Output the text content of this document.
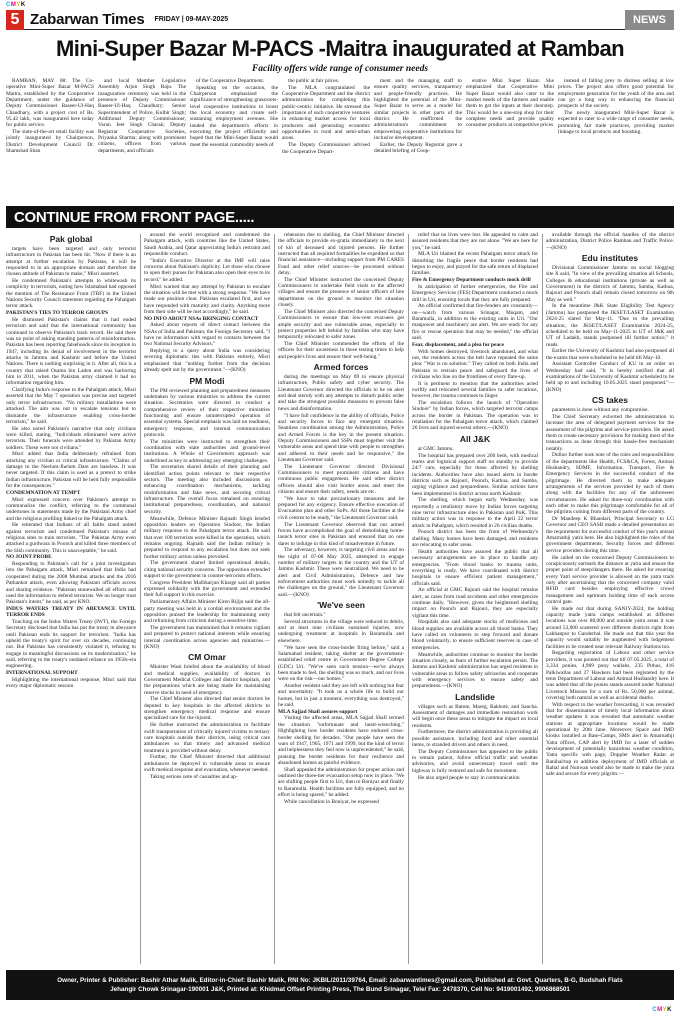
CMYK
5 Zabarwan Times FRIDAY | 09-MAY-2025	NEWS
Mini-Super Bazar M-PACS -Maitra inaugurated at Ramban
Facility offers wide range of consumer needs

RAMBAN, MAY 08: The Co-operative Mini-Super Bazar M-PACS Maitra, established by the Cooperative Department, under the guidance of Deputy Commissioner Baseer-Ul-Haq Chaudhary, with a project cost of Rs. 95.42 lakh, was inaugurated here today for public service.

The state-of-the-art retail facility was jointly inaugurated by Chairperson, District Development Council Dr. Shamshad Shan

and local Member Legislative Assembly Arjun Singh Raju. The inauguration ceremony was held in the presence of Deputy Commissioner Baseer-Ul-Haq Chaudhary; Senior Superintendent of Police, Kulbir Singh; Additional Deputy Commissioner, Varun Jeet Singh Charak; Deputy Registrar Cooperative Societies, Priyanka Sharma; along with prominent citizens, officers from various departments, and officials

of the Cooperative Department.

Speaking on the occasion, the Chairperson emphasized the significance of strengthening grassroots-level cooperative institutions to boost the local economy and create self-sustaining employment avenues. She lauded the department's efforts in executing the project efficiently and hoped that the Mini-Super Bazar would meet the essential commodity needs of

the public at fair prices.

The MLA congratulated the Cooperative Department and the district administration for completing this public-centric initiative. He stressed the importance of such cooperative ventures in enhancing market access for local producers and generating economic opportunities in rural and semi-urban areas.

The Deputy Commissioner advised the Cooperative Depart-

ment and the managing staff to ensure quality services, transparency and people-friendly practices. He highlighted the potential of the Mini-Super Bazar to serve as a model for similar projects in other parts of the district. He reaffirmed the administration's commitment to empowering cooperative institutions for inclusive development.

Earlier, the Deputy Registrar gave a detailed briefing of Coop-

erative Mini Super Bazar. She emphasized that Cooperative Mini Super Bazar would also cater to the market needs of the farmers and enable them to get the inputs at their doorstep. This would be a one-stop shop for their complete needs and provide quality consumer products at competitive prices

instead of falling prey to distress selling at low prices. The project also offers good potential for employment generation for the youth of the area and can go a long way in enhancing the financial prospects of the society.

The newly inaugurated Mini-Super Bazar is expected to cater to a wide range of consumer needs, promoting fair trade practices, providing market linkage to local products and boosting.

CONTINUE FROM FRONT PAGE.....
Pak global

targets have been targeted and only terrorist infrastructure in Pakistan has been hit. "Now if there is an attempt at further escalation by Pakistan, it will be responded to in an appropriate domain and therefore the chosen attitude of Pakistan to make," Misri asserted.

He condemned Pakistan's attempts to whitewash its complicity in terrorism, noting how Islamabad had opposed the mention of The Resistance Front (TRF) in the United Nations Security Council statement regarding the Pahalgam terror attack.

PAKISTAN'S TIES TO TERROR GROUPS

He dismissed Pakistan's claims that it had ended terrorism and said that the international community has continued to observe Pakistan's track record. He said there was no point of asking standing patterns of misinformation. Pakistan has been reporting falsehoods since its inception in 1947, including its denial of involvement in the terrorist attacks in Jammu and Kashmir and before the United Nations. There is nothing surprising in it. After all, this is a country that raised Osama bin Laden and was harboring him in 2011, when the Pakistan army claimed it had no information regarding him.

Clarifying India's response to the Pahalgam attack, Misri asserted that the May 7 operation was precise and targeted only terror infrastructure. "No military installations were attacked. The aim was not to escalate tensions but to dismantle the infrastructure enabling cross-border terrorism," he said.

He also noted Pakistan's narrative that only civilians were killed, stating, "Individuals eliminated were active terrorists. Their funerals were attended by Pakistan Army soldiers. These were not civilians."

Misri added that India deliberately refrained from attacking any civilian or critical infrastructure. "Claims of damage to the Neelum-Jhelum Dam are baseless. It was never targeted. If this claim is used as a pretext to strike Indian infrastructure, Pakistan will be held fully responsible for the consequences."

CONDEMNATION AT TEMPT

Misri expressed concern over Pakistan's attempt to communalize the conflict, referring to the communal undertones in statements made by the Pakistani Army chief and the religious profiling linked to the Pahalgam attack.

He reiterated that Indians of all faiths stand united against terrorism and condemned Pakistan's misuse of religious sites to train terrorists. "The Pakistan Army even attacked a gurdwara in Poonch and killed three members of the Sikh community. This is unacceptable," he said.

NO JOINT PROBE

Responding to Pakistan's call for a joint investigation into the Pahalgam attack, Misri remarked that India had cooperated during the 2008 Mumbai attacks and the 2016 Pathankot attack, even allowing Pakistani officials access and sharing evidence. "Pakistan stonewalled all efforts and used the information to defend terrorists. We no longer trust Pakistan's intent," he said, as per KNO.

INDUS WATERS TREATY IN ABEYANCE UNTIL TERROR ENDS

Touching on the Indus Waters Treaty (IWT), the Foreign Secretary disclosed that India has put the treaty in abeyance until Pakistan ends its support for terrorism. "India has upheld the treaty's spirit for over six decades, continuing not. But Pakistan has consistently violated it, refusing to engage in meaningful discussions on its modernization," he said, referring to the treaty's outdated reliance on 1950s-era engineering.

INTERNATIONAL SUPPORT

Highlighting the international response, Misri said that every major diplomatic session

around the world recognized and condemned the Pahalgam attack, with countries like the United States, Saudi Arabia, and Qatar appreciating India's restraint and responsible conduct.

"India's Executive Director at the IMF will raise concerns about Pakistan's duplicity. Let those who choose to open their purses for Pakistan also open their eyes to its record," he added.

Misri warned that any attempt by Pakistan to escalate the situation will be met with a strong response. "We have made our position clear. Pakistan escalated first, and we have responded with maturity and clarity. Anything more from their side will be met accordingly," he said.

NO INFO ABOUT NSAs BRINGING CONTACT

Asked about reports of direct contact between the NSAs of India and Pakistan, the Foreign Secretary said, "I have no information with regard to contacts between the two National Security Advisors."

Replying to a query about India was considering severing diplomatic ties with Pakistan entirely, Misri emphasised that "nothing further from the decision already spelt out by the government."—(KNO)

PM Modi

The PM reviewed planning and preparedness measures undertaken by various ministries to address the current situation. Secretaries were directed to conduct a comprehensive review of their respective ministries functioning and ensure uninterrupted operation of essential systems. Special emphasis was laid on readiness, emergency response, and internal communication protocols.

The ministries were instructed to strengthen their coordination with state authorities and ground-level institutions. A Whole of Government approach was underlined as key to addressing any emerging challenges.

The secretaries shared details of their planning and identified action points relevant to their respective sectors. The meeting also included discussions on enhancing coordination mechanisms, tackling misinformation and fake news, and securing critical infrastructure. The overall focus remained on ensuring institutional preparedness, coordination, and national security.

Meanwhile, Defence Minister Rajnath Singh briefed opposition leaders on Operation Sindoor, the Indian military response to the Pahalgam terror attack. He said that over 100 terrorists were killed in the operation, which remains ongoing. Rajnath said the Indian military is prepared to respond to any escalation but does not seek further military action unless provoked.

The government shared limited operational details, citing national security concerns. The opposition extended support to the government in counter-terrorism efforts.

Congress President Mallikarjun Kharge said all parties expressed solidarity with the government and extended their full support in this exercise.

Parliamentary Affairs Minister Kiren Rijiju said the all-party meeting was held in a cordial environment and the opposition praised the leadership for maintaining unity and refraining from criticism during a sensitive time.

The government has maintained that it remains vigilant and prepared to protect national interests while ensuring internal coordination across agencies and ministries.—(KNO)

CM Omar

Minister Wani briefed about the availability of blood and medical supplies, availability of doctors in Government Medical Colleges and district hospitals, and the preparations which are being made for maintaining reserve stocks in need of emergency.

The Chief Minister also directed that senior doctors be deputed to key hospitals in the affected districts to strengthen emergency medical response and ensure specialized care for the injured.

He further instructed the administration to facilitate swift transportation of critically injured victims to tertiary care hospitals outside their districts, using critical care ambulances so that timely and advanced medical treatment is provided without delay.

Further, the Chief Minister directed that additional ambulances be deployed in vulnerable areas to ensure swift medical response and evacuation, whenever needed.

Taking serious note of casualties and ap-

rehension due to shelling, the Chief Minister directed the officials to provide ex-gratia immediately to the next of kin of deceased and injured persons. He further instructed that all required formalities be expedited so that financial assistance—including support from PM CARES Fund and other relief sources—be processed without delay.

The Chief Minister instructed the concerned Deputy Commissioners to undertake field visits to the affected villages and ensure the presence of senior officers of line departments on the ground to monitor the situation closely.

The Chief Minister also directed the concerned Deputy Commissioners to ensure that low-rent evacuees get ample security and use vulnerable areas, especially to protect properties left behind by families who may have temporarily relocated to safer zones.

The Chief Minister commended the efforts of the officers for their awareness in these testing times to help and people's lives and ensure their well-being."

Armed forces

during the meetings on May 09 to ensure physical infrastructure, Public safety and cyber security. The Lieutenant Governor directed the officials to be on alert and deal sternly with any attempts to disturb public order and take the strongest possible measures to prevent false news and disinformation.

"I have full confidence in the ability of officials, Police and security forces to face any emergent situation. Seamless coordination among the Administration, Police and Armed Forces is the key in the present situation. Deputy Commissioners and SSPs must together visit the vulnerable areas and spend time with people to strengthen and adhered to their needs and be responsive," the Lieutenant Governor said.

The Lieutenant Governor directed Divisional Commissioners to meet prominent citizens and have continuous public engagement. He said other district officers should also visit border areas and meet the citizens and ensure their safety, needs are etc.

"We have to take precautionary measures and be prepared for any exigency. Ensure effective execution of Evacuation plan and other SoPs. All those facilities at the civil centres to be ready," the Lieutenant Governor said.

The Lieutenant Governor observed that our armed forces have accomplished the goal of demolishing home-launch terror sites in Pakistan and ensured that no one dares to indulge in this kind of misadventure in future.

The adversary, however, is targeting civil areas and on the night of 07-08 May 2025, attempted to engage number of military targets in the country and the UT of Jammu Kashmir. These were neutralized. We need to be alert and Civil Administration, Defence and law enforcement authorities must work unitedly to tackle all the challenges on the ground," the Lieutenant Governor said.—(KNO)

'We've seen

that felt uncertain."

Several structures in the village were reduced to debris, and at least nine civilians sustained injuries, now undergoing treatment at hospitals in Baramulla and elsewhere.

"We have seen the cross-border firing before," said a Salamabad resident, taking shelter at the government-established relief centre in Government Degree College (GDC) Uri. "We've seen such tension—we've always been made to feel, the shelling was so much, and our lives were on the risk—our homes."

Another resident said they are left with nothing but fear and uncertainty. "It took us a whole life to build our homes, but in just a moment, everything was destroyed," he said.

MLA Sajjad Shafi assures support

Visiting the affected areas, MLA Sajjad Shafi termed the situation "unfortunate and heart-wrenching." Highlighting how border residents have endured cross-border shelling for decades. "Our people have seen the wars of 1947, 1965, 1971 and 1999, but the kind of terror and helplessness they feel now is unprecedented," he said, praising the border residents for their resilience and abandoned homes as painful evidence.

Shafi appealed the administration for proper action and outlined the three-tier evacuation setup now in place. "We are shifting people first to Uri, then to Boniyar and finally to Baramulla. Health facilities are fully equipped, and no effort is being spared," he added.

While cancellation in Boniyar, he expressed

relief that no lives were lost. He appealed to calm and assured residents that they are not alone. "We are here for you," he said.

MLA Uri blamed the recent Pahalgam terror attack for disturbing the fragile peace that border residents had begun to enjoy, and prayed for the safe return of displaced families.

Fire & Emergency Department conducts mock drill

In anticipation of further emergencies, the Fire and Emergency Services (FES) Department conducted a mock drill in Uri, ensuring locals that they are fully prepared.

An official confirmed that fire-fenders are constantly—on—watch from various Srinagar, Muqam, and Baramulla, in addition to the existing units in Uri. "Our manpower and machinery are alert. We are ready for any fire or rescue operation that may be needed," the official said.

Fear, displacement, and a plea for peace

With homes destroyed, livestock abandoned, and what not, the residents across the belt have repeated the same plea: "War is no solution." They called on both India and Pakistan to restrain peace and safeguard the lives of civilians who line on the frontlines of every flare-up.

It is pertinent to mention that the authorities acted swiftly and relocated several families to safer locations, however, the trauma continues to linger.

The escalation follows the launch of "Operation Sindoor" by Indian forces, which targeted terrorist camps across the border in Pakistan. The operation was in retaliation for the Pahalgam terror attack, which claimed 26 lives and injured several others.—(KNO)

All J&K

at GMC Jammu.

The hospital has prepared over 200 beds, with medical teams and logistical support staff on standby to provide 24/7 care, especially for those affected by shelling incidents. Authorities have also issued alerts in border districts such as Rajouri, Poonch, Kathua, and Samba, urging vigilance and preparedness. Similar actions have been implemented in district across north Kashmir.

The shelling, which began early Wednesday, was reportedly a retaliatory move by Indian forces targeting nine terror infrastructure sites in Pakistan and PoK. This military action was in response to the April 22 terror attack in Pahalgam, which resulted in 26 civilian deaths.

Poonch district has been the front of Wednesday's shelling. Many homes have been damaged, and residents are relocating to safer areas.

Health authorities have assured the public that all necessary arrangements are in place to handle any emergencies. "From blood banks to trauma units, everything is ready. We have coordinated with district hospitals to ensure efficient patient management," officials said.

An official at GMC Rajouri said the hospital remains alert, as cases from road accidents and other emergencies continue daily. "However, given the heightened shelling impact on Poonch and Rajouri, they are especially vigilant this time.

Hospitals also said adequate stocks of medicines and blood supplies are available across all blood banks. They have called on volunteers to step forward and donate blood voluntarily, to ensure sufficient reserves in case of emergencies.

Meanwhile, authorities continue to monitor the border situation closely, as fears of further escalation persist. The Jammu and Kashmir administration has urged residents in vulnerable areas to follow safety advisories and cooperate with emergency services to ensure safety and preparedness.—(KNO)

Landslide

villages such as Batote, Mareg, Bakhote, and Sancha. Assessment of damages and immediate restoration work will begin once these areas to mitigate the impact on local residents.

Furthermore, the district administration is providing all possible assistance, including food and other essential items, to stranded drivers and others in need.

The Deputy Commissioner has appealed to the public to remain patient, follow official traffic and weather advisories, and avoid unnecessary travel until the highway is fully restored and safe for movement.

He also urged people to stay in communication

available through the official handles of the district administration, District Police Ramban and Traffic Police.—(KNO)

Edu institutes

Divisional Commissioner Jammu on social blogging site X said, "In view of the prevailing situation all Schools, Colleges & educational institutions (private as well as Government) in the districts of Jammu, Samba, Kathua, Rajouri and Poonch shall remain closed tomorrow on 9th May as well."

In the meantime J&K State Eligibility Test Agency (Jammu) has postponed the JKSET/LASET Examination 2024-25 slated for May-11. "Due to the prevailing situation, the JKSET/LASET Examination 2024-25, scheduled to be held on May-11-2025 in UT of J&K and UT of Ladakh, stands postponed till further notice," it reads.

Earlier the University of Kashmir had also postponed all the exams that were scheduled to be held till May-10.

Assistant Controller Conduct of KU in an order on Wednesday had said, "It is hereby notified that all examinations of the University of Kashmir scheduled to be held up to and including 10.05.2025 stand postponed."—(KNO)

CS takes

parameters is done without any compromise.

The Chief Secretary exhorted the administration to increase the area of delegated payment services for the assessment of the pilgrims and service-providers. He asked them to create necessary provisions for making most of the transactions as done through this hassle-free mechanism notably.

Dulloo further took note of the roles and responsibilities of the departments like Health, FCS&CA, Forest, Animal Husbandry, SDMF, Information, Transport, Fire & Emergency Services in the successful conduct of the pilgrimage. He directed them to make adequate arrangements of the services provided by each of them along with the facilities for any of the unforeseen circumstances. He asked for three-way coordination with each other to make this pilgrimage comfortable for all of the pilgrims coming from different parts of the country.

Dr Mandeep K Bhandari, Principal Secretary to LG Governor and CEO SASB made a detailed presentation on the requirement for successful conduct of this year's annual Amarnathji yatra here. He also highlighted the roles of the government departments, Security forces and different service providers during this time.

He called on the concerned Deputy Commissioners to conspicuously earmark the distance at yatra and ensure the proper point of steep/dangers there. He asked for ensuring every Yatri service provider is allowed on the yatra track only after ascertaining that the concerned company valid RFID card besides employing effective crowd management and optimum holding time of each access control gate.

He made out that during SANJY-2024, the holding capacity made yatra camps established at different locations was over 88,000 and outside yatra areas it was around 53,000 scattered over different districts right from Lakhanpur to Ganderbal. He made out that this year the capacity would suitably be augmented with lodgement facilities to be created near relevant Railway Stations too.

Regarding registration of Labour and other service providers, it was pointed out that till 07.05.2025, a total of 3,334 ponies, 4,989 pony wallahs, 235 Pithus, 416 Palkiwallas and 27 Hawkers had been registered by the tents Department of Labour and Animal Husbandry here. It was added that all the ponies stands assured under National Livestock Mission for a sum of Rs. 50,000 per animal, covering both natural as well as accidental deaths.

With respect to the weather forecasting, it was revealed that for dissemination of timely local information about weather updates it was revealed that automatic weather stations at appropriate locations would be made operational by 20th June. Moreover, Space and IMD kiosks installed at Base-Camps, SMS alert in Amarnathji Yatra offices, CAP alert by IMD for a laser of sudden development of potentially hazardous weather condition, Yatra specific web page, Doppler Weather Radar at Banihal/top in addition deployment of IMD officials at Baltal and Nunwan would also be made to make the yatra safe and secure for every pilgrim.—

Owner, Printer & Publisher: Bashir Athar Malik, Editor-in-Chief: Bashir Malik, RNI No: JKBIL/2011/39764, Email: zabarwantimes@gmail.com, Published at: Govt. Quarters, B-G, Budshah Flats
Jehangir Chowk Srinagar-190001 J&K, Printed at: Khidmat Offset Printing Press, The Bund Srinagar, Tele/ Fax: 2478370, Cell No: 9419001492, 9906868501
CMYK
